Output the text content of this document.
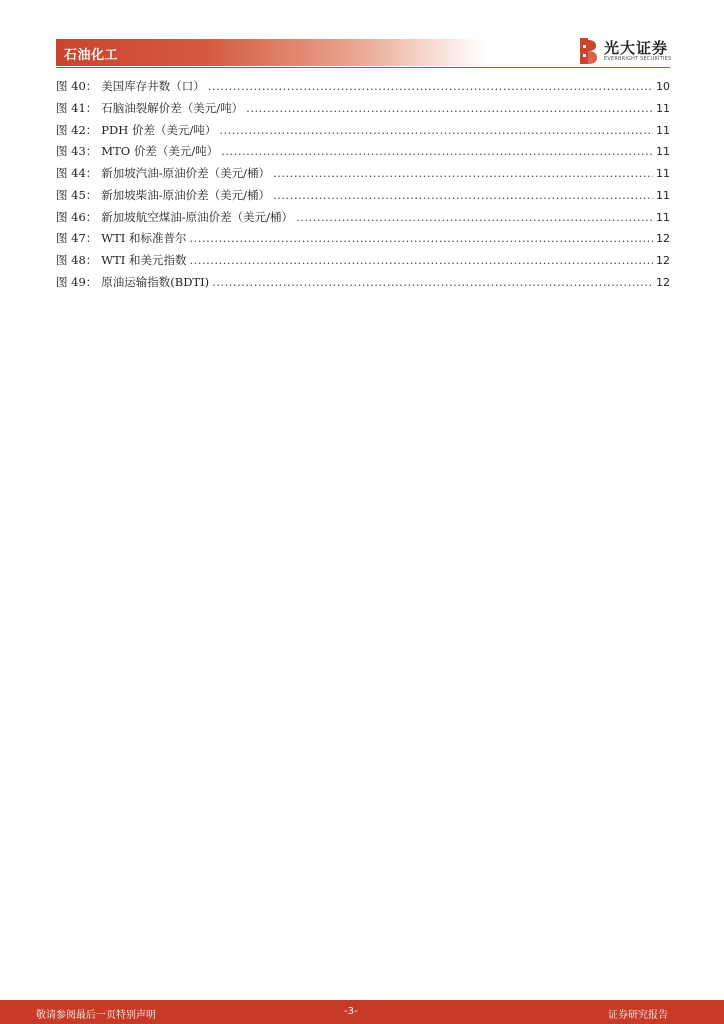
石油化工	光大证券
EVERBRIGHT SECURITIES
图 40： 美国库存井数（口） .....	10
图 41： 石脑油裂解价差（美元/吨） .....	11
图 42： PDH 价差（美元/吨） .....	11
图 43： MTO 价差（美元/吨） .....	11
图 44： 新加坡汽油-原油价差（美元/桶） .....	11
图 45： 新加坡柴油-原油价差（美元/桶） .....	11
图 46： 新加坡航空煤油-原油价差（美元/桶） .....	11
图 47： WTI 和标准普尔 .....	12
图 48： WTI 和美元指数 .....	12
图 49： 原油运输指数(BDTI) .....	12
敬请参阅最后一页特别声明	-3-	证券研究报告
